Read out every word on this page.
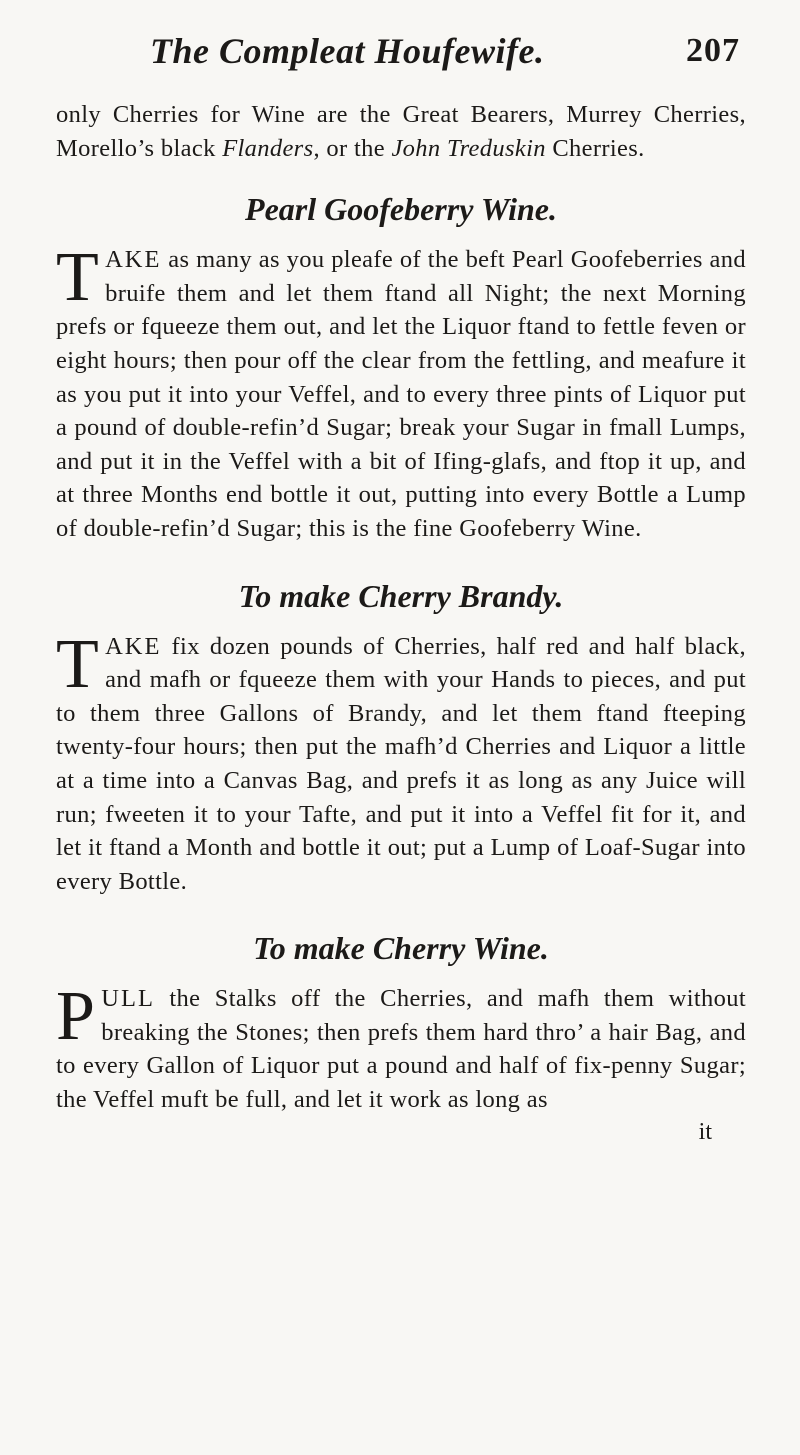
The Compleat Houfewife.	207

only Cherries for Wine are the Great Bearers, Murrey Cherries, Morello’s black Flanders, or the John Treduskin Cherries.

Pearl Goofeberry Wine.

TAKE as many as you pleafe of the beft Pearl Goofeberries and bruife them and let them ftand all Night; the next Morning prefs or fqueeze them out, and let the Liquor ftand to fettle feven or eight hours; then pour off the clear from the fettling, and meafure it as you put it into your Veffel, and to every three pints of Liquor put a pound of double-refin’d Sugar; break your Sugar in fmall Lumps, and put it in the Veffel with a bit of Ifing-glafs, and ftop it up, and at three Months end bottle it out, putting into every Bottle a Lump of double-refin’d Sugar; this is the fine Goofeberry Wine.

To make Cherry Brandy.

TAKE fix dozen pounds of Cherries, half red and half black, and mafh or fqueeze them with your Hands to pieces, and put to them three Gallons of Brandy, and let them ftand fteeping twenty-four hours; then put the mafh’d Cherries and Liquor a little at a time into a Canvas Bag, and prefs it as long as any Juice will run; fweeten it to your Tafte, and put it into a Veffel fit for it, and let it ftand a Month and bottle it out; put a Lump of Loaf-Sugar into every Bottle.

To make Cherry Wine.

PULL the Stalks off the Cherries, and mafh them without breaking the Stones; then prefs them hard thro’ a hair Bag, and to every Gallon of Liquor put a pound and half of fix-penny Sugar; the Veffel muft be full, and let it work as long as

it
